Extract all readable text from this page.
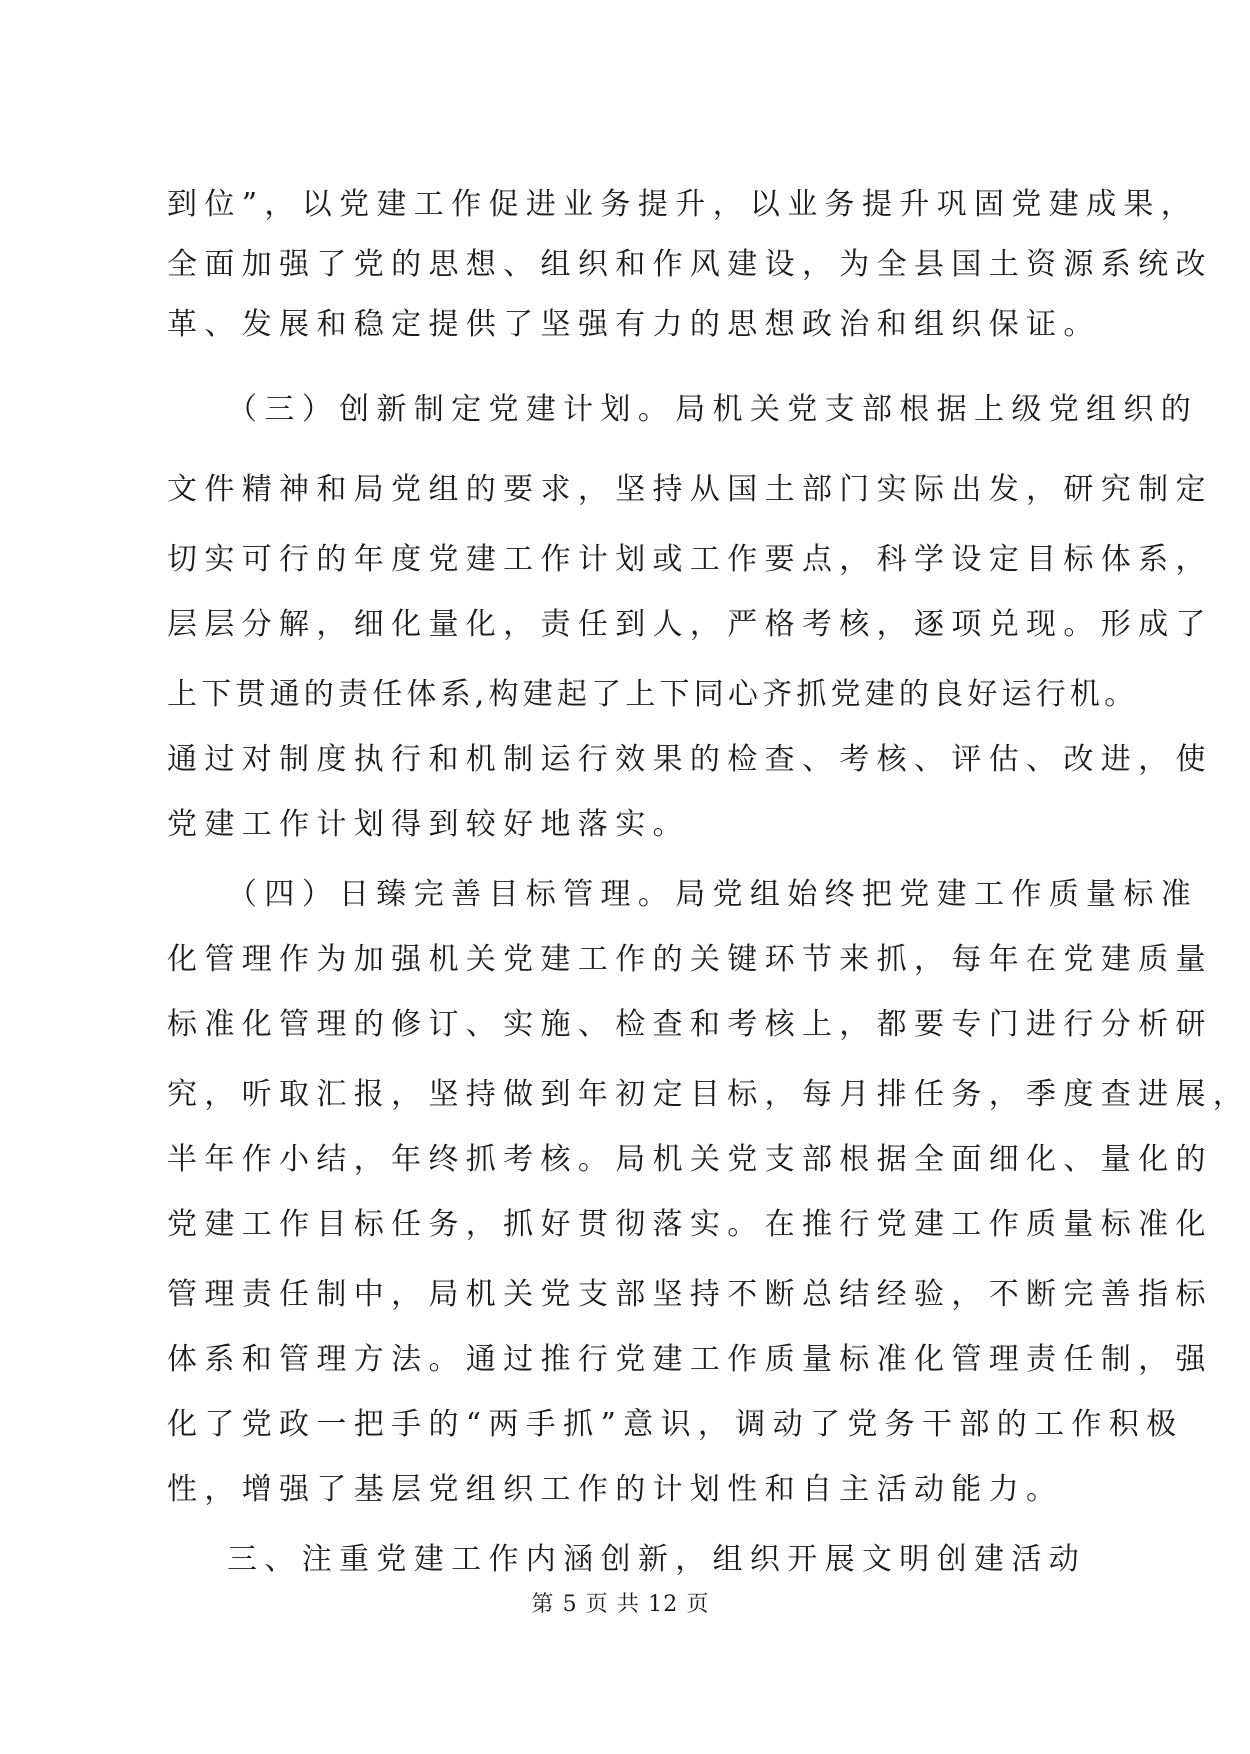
到位”，以党建工作促进业务提升，以业务提升巩固党建成果，
全面加强了党的思想、组织和作风建设，为全县国土资源系统改
革、发展和稳定提供了坚强有力的思想政治和组织保证。
（三）创新制定党建计划。局机关党支部根据上级党组织的
文件精神和局党组的要求，坚持从国土部门实际出发，研究制定
切实可行的年度党建工作计划或工作要点，科学设定目标体系，
层层分解，细化量化，责任到人，严格考核，逐项兑现。形成了
上下贯通的责任体系,构建起了上下同心齐抓党建的良好运行机。
通过对制度执行和机制运行效果的检查、考核、评估、改进，使
党建工作计划得到较好地落实。
（四）日臻完善目标管理。局党组始终把党建工作质量标准
化管理作为加强机关党建工作的关键环节来抓，每年在党建质量
标准化管理的修订、实施、检查和考核上，都要专门进行分析研
究，听取汇报，坚持做到年初定目标，每月排任务，季度查进展，
半年作小结，年终抓考核。局机关党支部根据全面细化、量化的
党建工作目标任务，抓好贯彻落实。在推行党建工作质量标准化
管理责任制中，局机关党支部坚持不断总结经验，不断完善指标
体系和管理方法。通过推行党建工作质量标准化管理责任制，强
化了党政一把手的“两手抓”意识，调动了党务干部的工作积极
性，增强了基层党组织工作的计划性和自主活动能力。
三、注重党建工作内涵创新，组织开展文明创建活动
第 5 页 共 12 页
